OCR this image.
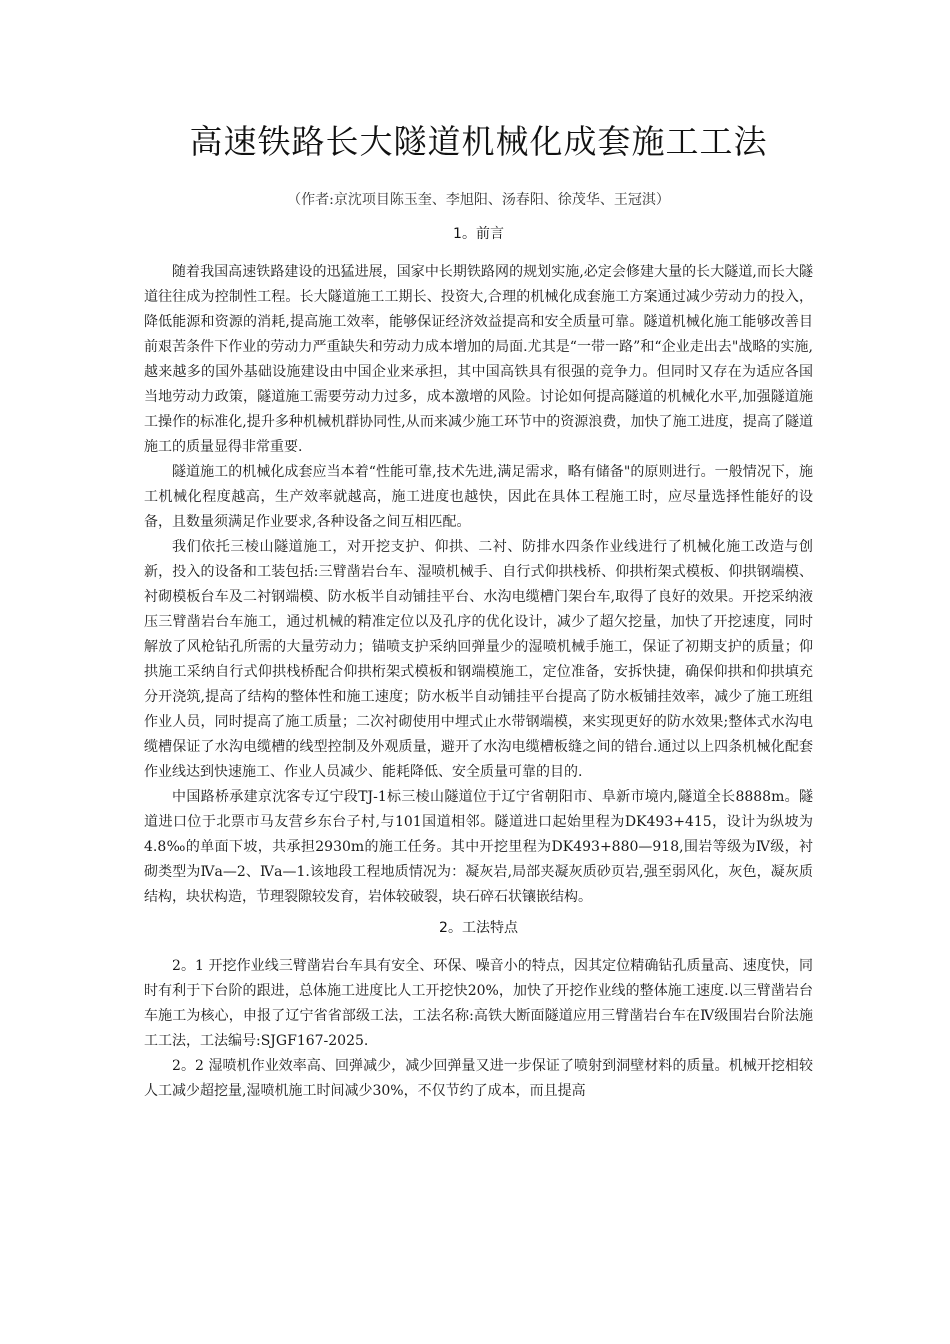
高速铁路长大隧道机械化成套施工工法

（作者:京沈项目陈玉奎、李旭阳、汤春阳、徐茂华、王冠淇）

1。前言

随着我国高速铁路建设的迅猛进展，国家中长期铁路网的规划实施,必定会修建大量的长大隧道,而长大隧道往往成为控制性工程。长大隧道施工工期长、投资大,合理的机械化成套施工方案通过减少劳动力的投入，降低能源和资源的消耗,提高施工效率，能够保证经济效益提高和安全质量可靠。隧道机械化施工能够改善目前艰苦条件下作业的劳动力严重缺失和劳动力成本增加的局面.尤其是“一带一路”和“企业走出去"战略的实施,越来越多的国外基础设施建设由中国企业来承担，其中国高铁具有很强的竞争力。但同时又存在为适应各国当地劳动力政策，隧道施工需要劳动力过多，成本激增的风险。讨论如何提高隧道的机械化水平,加强隧道施工操作的标准化,提升多种机械机群协同性,从而来减少施工环节中的资源浪费，加快了施工进度，提高了隧道施工的质量显得非常重要.

隧道施工的机械化成套应当本着“性能可靠,技术先进,满足需求，略有储备"的原则进行。一般情况下，施工机械化程度越高，生产效率就越高，施工进度也越快，因此在具体工程施工时，应尽量选择性能好的设备，且数量须满足作业要求,各种设备之间互相匹配。

我们依托三棱山隧道施工，对开挖支护、仰拱、二衬、防排水四条作业线进行了机械化施工改造与创新，投入的设备和工装包括:三臂凿岩台车、湿喷机械手、自行式仰拱栈桥、仰拱桁架式模板、仰拱钢端模、衬砌模板台车及二衬钢端模、防水板半自动铺挂平台、水沟电缆槽门架台车,取得了良好的效果。开挖采纳液压三臂凿岩台车施工，通过机械的精准定位以及孔序的优化设计，减少了超欠挖量，加快了开挖速度，同时解放了风枪钻孔所需的大量劳动力；锚喷支护采纳回弹量少的湿喷机械手施工，保证了初期支护的质量；仰拱施工采纳自行式仰拱栈桥配合仰拱桁架式模板和钢端模施工，定位准备，安拆快捷，确保仰拱和仰拱填充分开浇筑,提高了结构的整体性和施工速度；防水板半自动铺挂平台提高了防水板铺挂效率，减少了施工班组作业人员，同时提高了施工质量；二次衬砌使用中埋式止水带钢端模，来实现更好的防水效果;整体式水沟电缆槽保证了水沟电缆槽的线型控制及外观质量，避开了水沟电缆槽板缝之间的错台.通过以上四条机械化配套作业线达到快速施工、作业人员减少、能耗降低、安全质量可靠的目的.

中国路桥承建京沈客专辽宁段TJ-1标三棱山隧道位于辽宁省朝阳市、阜新市境内,隧道全长8888m。隧道进口位于北票市马友营乡东台子村,与101国道相邻。隧道进口起始里程为DK493+415，设计为纵坡为4.8‰的单面下坡，共承担2930m的施工任务。其中开挖里程为DK493+880—918,围岩等级为Ⅳ级，衬砌类型为Ⅳa—2、Ⅳa—1.该地段工程地质情况为：凝灰岩,局部夹凝灰质砂页岩,强至弱风化，灰色，凝灰质结构，块状构造，节理裂隙较发育，岩体较破裂，块石碎石状镶嵌结构。

2。工法特点

2。1 开挖作业线三臂凿岩台车具有安全、环保、噪音小的特点，因其定位精确钻孔质量高、速度快，同时有利于下台阶的跟进，总体施工进度比人工开挖快20%，加快了开挖作业线的整体施工速度.以三臂凿岩台车施工为核心，申报了辽宁省省部级工法，工法名称:高铁大断面隧道应用三臂凿岩台车在Ⅳ级围岩台阶法施工工法，工法编号:SJGF167-2025.

2。2 湿喷机作业效率高、回弹减少，减少回弹量又进一步保证了喷射到洞壁材料的质量。机械开挖相较人工减少超挖量,湿喷机施工时间减少30%，不仅节约了成本，而且提高
